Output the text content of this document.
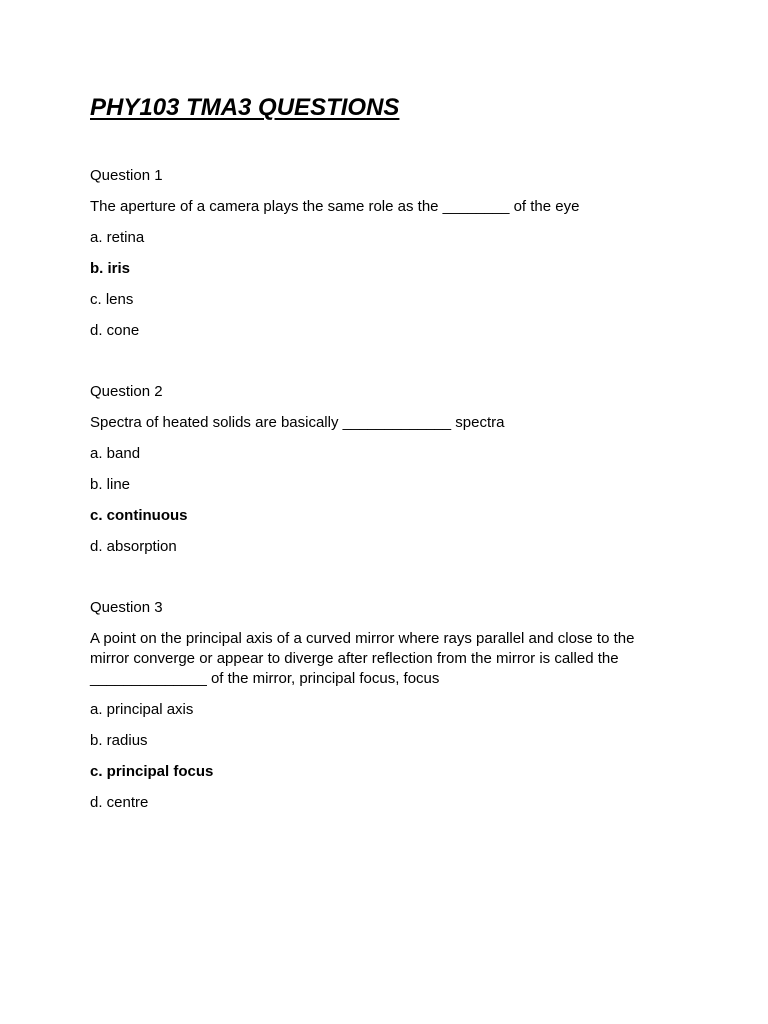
PHY103 TMA3 QUESTIONS

Question 1

The aperture of a camera plays the same role as the ________ of the eye

a. retina

b. iris

c. lens

d. cone

Question 2

Spectra of heated solids are basically _____________ spectra

a. band

b. line

c. continuous

d. absorption

Question 3

A point on the principal axis of a curved mirror where rays parallel and close to the mirror converge or appear to diverge after reflection from the mirror is called the ______________ of the mirror, principal focus, focus

a. principal axis

b. radius

c. principal focus

d. centre
